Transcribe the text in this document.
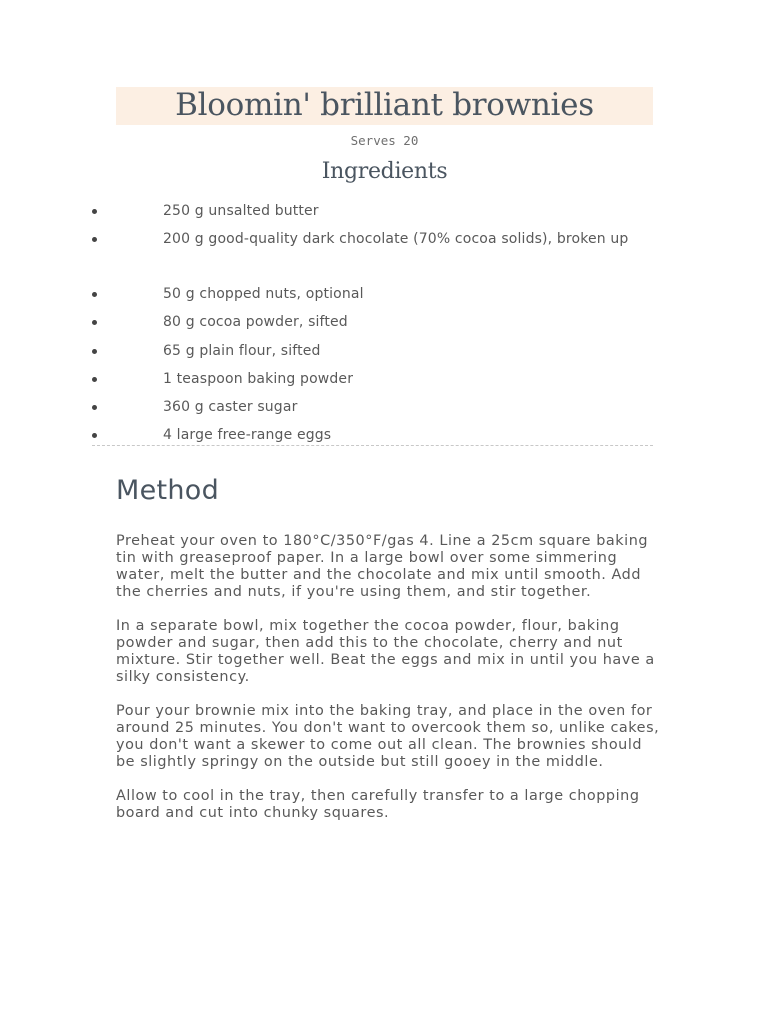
Bloomin' brilliant brownies
Serves 20
Ingredients
250 g unsalted butter
200 g good-quality dark chocolate (70% cocoa solids), broken up
50 g chopped nuts, optional
80 g cocoa powder, sifted
65 g plain flour, sifted
1 teaspoon baking powder
360 g caster sugar
4 large free-range eggs
Method

Preheat your oven to 180°C/350°F/gas 4. Line a 25cm square baking tin with greaseproof paper. In a large bowl over some simmering water, melt the butter and the chocolate and mix until smooth. Add the cherries and nuts, if you're using them, and stir together.

In a separate bowl, mix together the cocoa powder, flour, baking powder and sugar, then add this to the chocolate, cherry and nut mixture. Stir together well. Beat the eggs and mix in until you have a silky consistency.

Pour your brownie mix into the baking tray, and place in the oven for around 25 minutes. You don't want to overcook them so, unlike cakes, you don't want a skewer to come out all clean. The brownies should be slightly springy on the outside but still gooey in the middle.

Allow to cool in the tray, then carefully transfer to a large chopping board and cut into chunky squares.
